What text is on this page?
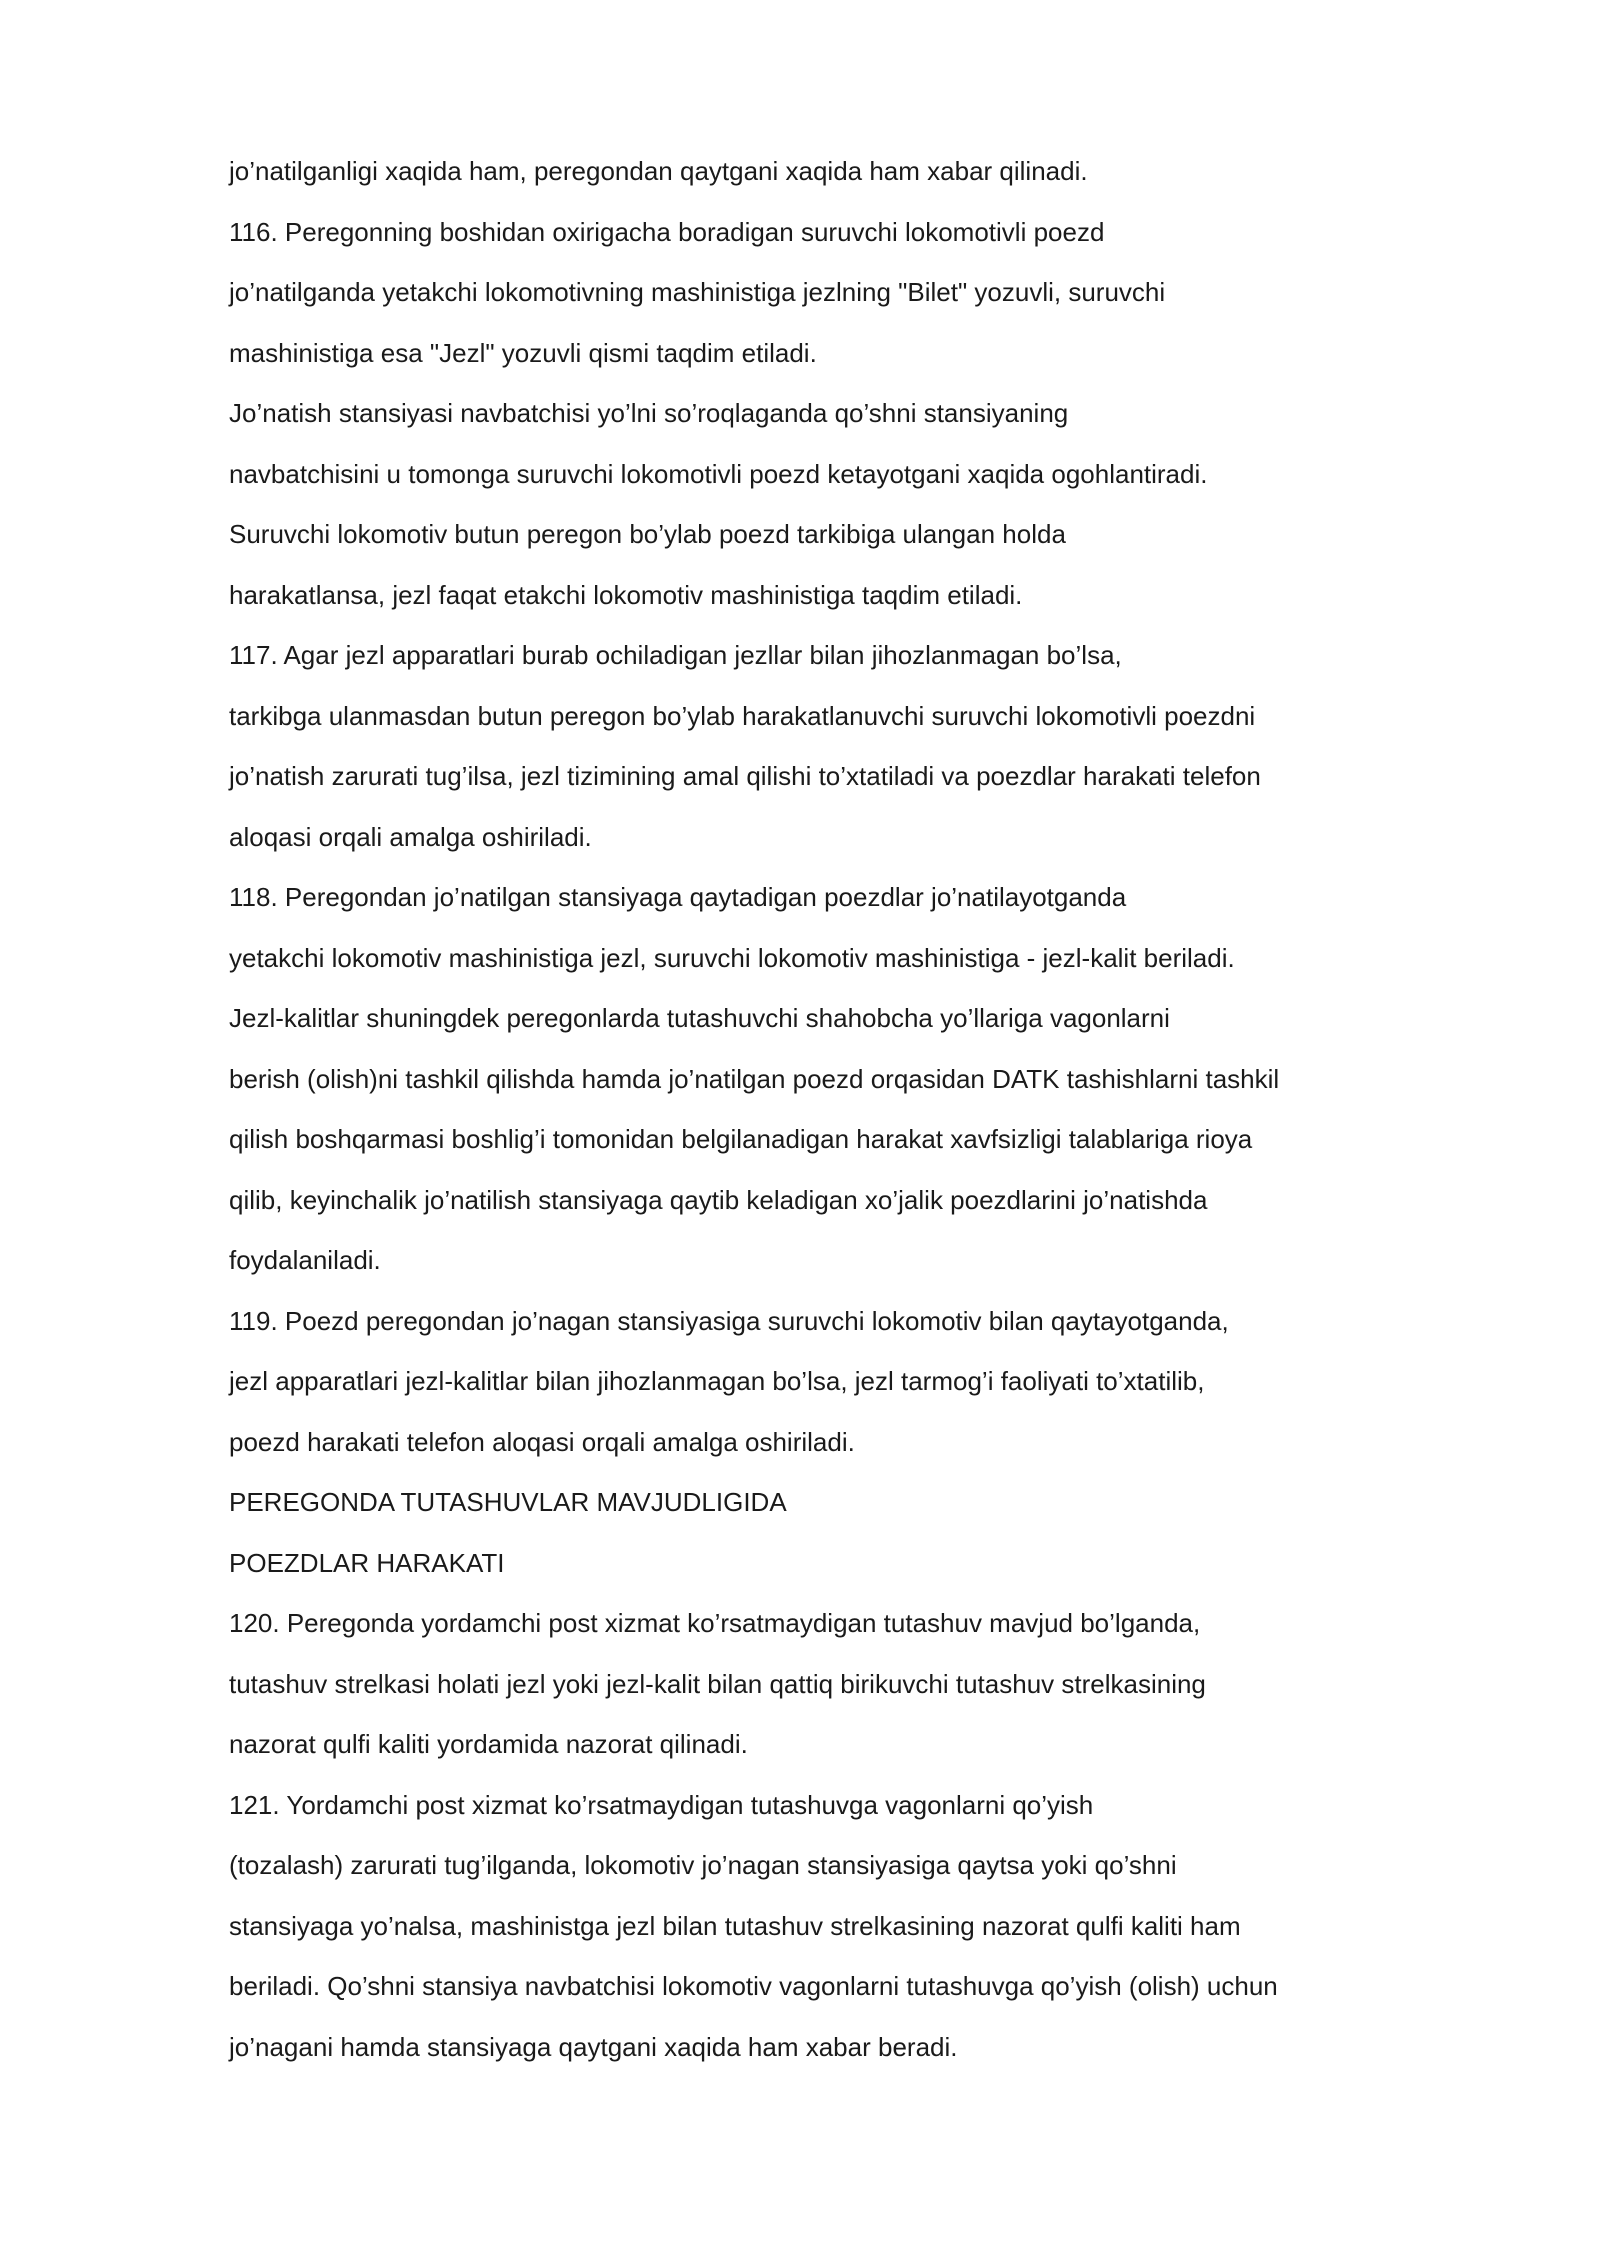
jo’natilganligi xaqida ham, peregondan qaytgani xaqida ham xabar qilinadi.
116. Peregonning boshidan oxirigacha boradigan suruvchi lokomotivli poezd
jo’natilganda yetakchi lokomotivning mashinistiga jezlning "Bilet" yozuvli, suruvchi
mashinistiga esa "Jezl" yozuvli qismi taqdim etiladi.
Jo’natish stansiyasi navbatchisi yo’lni so’roqlaganda qo’shni stansiyaning
navbatchisini u tomonga suruvchi lokomotivli poezd ketayotgani xaqida ogohlantiradi.
Suruvchi lokomotiv butun peregon bo’ylab poezd tarkibiga ulangan holda
harakatlansa, jezl faqat etakchi lokomotiv mashinistiga taqdim etiladi.
117. Agar jezl apparatlari burab ochiladigan jezllar bilan jihozlanmagan bo’lsa,
tarkibga ulanmasdan butun peregon bo’ylab harakatlanuvchi suruvchi lokomotivli poezdni
jo’natish zarurati tug’ilsa, jezl tizimining amal qilishi to’xtatiladi va poezdlar harakati telefon
aloqasi orqali amalga oshiriladi.
118. Peregondan jo’natilgan stansiyaga qaytadigan poezdlar jo’natilayotganda
yetakchi lokomotiv mashinistiga jezl, suruvchi lokomotiv mashinistiga - jezl-kalit beriladi.
Jezl-kalitlar shuningdek peregonlarda tutashuvchi shahobcha yo’llariga vagonlarni
berish (olish)ni tashkil qilishda hamda jo’natilgan poezd orqasidan DATK tashishlarni tashkil
qilish boshqarmasi boshlig’i tomonidan belgilanadigan harakat xavfsizligi talablariga rioya
qilib, keyinchalik jo’natilish stansiyaga qaytib keladigan xo’jalik poezdlarini jo’natishda
foydalaniladi.
119. Poezd peregondan jo’nagan stansiyasiga suruvchi lokomotiv bilan qaytayotganda,
jezl apparatlari jezl-kalitlar bilan jihozlanmagan bo’lsa, jezl tarmog’i faoliyati to’xtatilib,
poezd harakati telefon aloqasi orqali amalga oshiriladi.
PEREGONDA TUTASHUVLAR MAVJUDLIGIDA
POEZDLAR HARAKATI
120. Peregonda yordamchi post xizmat ko’rsatmaydigan tutashuv mavjud bo’lganda,
tutashuv strelkasi holati jezl yoki jezl-kalit bilan qattiq birikuvchi tutashuv strelkasining
nazorat qulfi kaliti yordamida nazorat qilinadi.
121. Yordamchi post xizmat ko’rsatmaydigan tutashuvga vagonlarni qo’yish
(tozalash) zarurati tug’ilganda, lokomotiv jo’nagan stansiyasiga qaytsa yoki qo’shni
stansiyaga yo’nalsa, mashinistga jezl bilan tutashuv strelkasining nazorat qulfi kaliti ham
beriladi. Qo’shni stansiya navbatchisi lokomotiv vagonlarni tutashuvga qo’yish (olish) uchun
jo’nagani hamda stansiyaga qaytgani xaqida ham xabar beradi.
